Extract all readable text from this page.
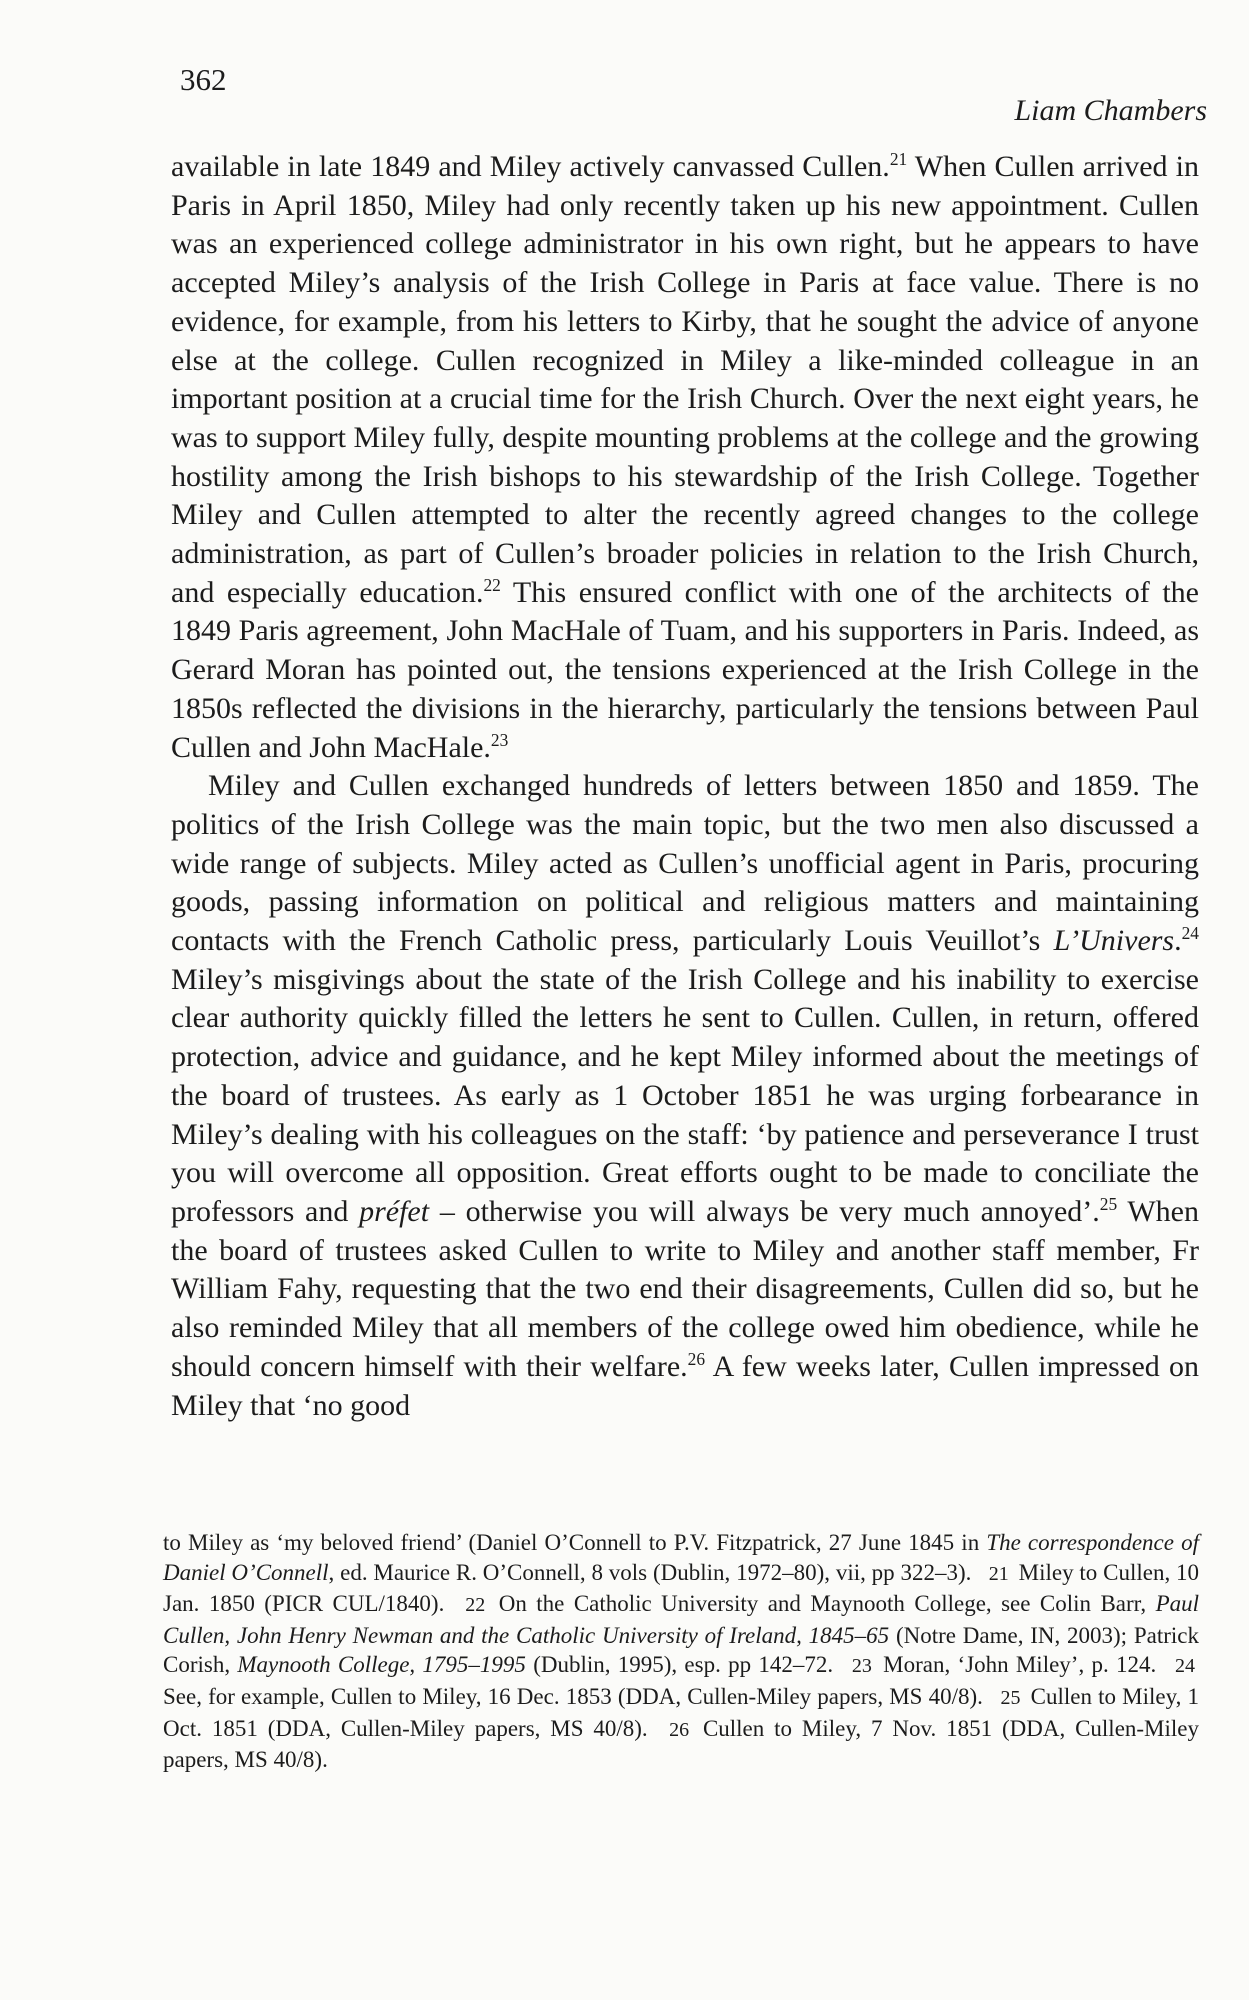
362
Liam Chambers

available in late 1849 and Miley actively canvassed Cullen.$^{21}$ When Cullen arrived in Paris in April 1850, Miley had only recently taken up his new appointment. Cullen was an experienced college administrator in his own right, but he appears to have accepted Miley’s analysis of the Irish College in Paris at face value. There is no evidence, for example, from his letters to Kirby, that he sought the advice of anyone else at the college. Cullen recognized in Miley a like-minded colleague in an important position at a crucial time for the Irish Church. Over the next eight years, he was to support Miley fully, despite mounting problems at the college and the growing hostility among the Irish bishops to his stewardship of the Irish College. Together Miley and Cullen attempted to alter the recently agreed changes to the college administration, as part of Cullen’s broader policies in relation to the Irish Church, and especially education.$^{22}$ This ensured conflict with one of the architects of the 1849 Paris agreement, John MacHale of Tuam, and his supporters in Paris. Indeed, as Gerard Moran has pointed out, the tensions experienced at the Irish College in the 1850s reflected the divisions in the hierarchy, particularly the tensions between Paul Cullen and John MacHale.$^{23}$

Miley and Cullen exchanged hundreds of letters between 1850 and 1859. The politics of the Irish College was the main topic, but the two men also discussed a wide range of subjects. Miley acted as Cullen’s unofficial agent in Paris, procuring goods, passing information on political and religious matters and maintaining contacts with the French Catholic press, particularly Louis Veuillot’s L’Univers.$^{24}$ Miley’s misgivings about the state of the Irish College and his inability to exercise clear authority quickly filled the letters he sent to Cullen. Cullen, in return, offered protection, advice and guidance, and he kept Miley informed about the meetings of the board of trustees. As early as 1 October 1851 he was urging forbearance in Miley’s dealing with his colleagues on the staff: ‘by patience and perseverance I trust you will overcome all opposition. Great efforts ought to be made to conciliate the professors and préfet – otherwise you will always be very much annoyed’.$^{25}$ When the board of trustees asked Cullen to write to Miley and another staff member, Fr William Fahy, requesting that the two end their disagreements, Cullen did so, but he also reminded Miley that all members of the college owed him obedience, while he should concern himself with their welfare.$^{26}$ A few weeks later, Cullen impressed on Miley that ‘no good

to Miley as ‘my beloved friend’ (Daniel O’Connell to P.V. Fitzpatrick, 27 June 1845 in The correspondence of Daniel O’Connell, ed. Maurice R. O’Connell, 8 vols (Dublin, 1972–80), vii, pp 322–3). 21 Miley to Cullen, 10 Jan. 1850 (PICR CUL/1840). 22 On the Catholic University and Maynooth College, see Colin Barr, Paul Cullen, John Henry Newman and the Catholic University of Ireland, 1845–65 (Notre Dame, IN, 2003); Patrick Corish, Maynooth College, 1795–1995 (Dublin, 1995), esp. pp 142–72. 23 Moran, ‘John Miley’, p. 124. 24 See, for example, Cullen to Miley, 16 Dec. 1853 (DDA, Cullen-Miley papers, MS 40/8). 25 Cullen to Miley, 1 Oct. 1851 (DDA, Cullen-Miley papers, MS 40/8). 26 Cullen to Miley, 7 Nov. 1851 (DDA, Cullen-Miley papers, MS 40/8).
